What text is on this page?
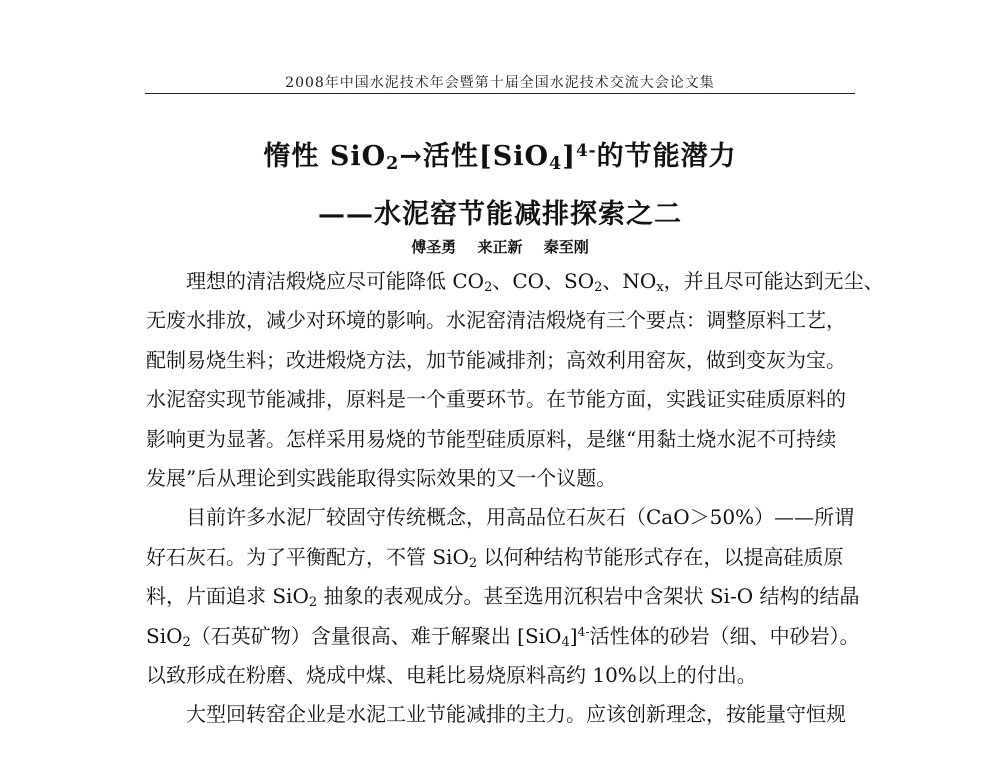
2008年中国水泥技术年会暨第十届全国水泥技术交流大会论文集
惰性 SiO$_2$→活性$[SiO_4]^{4-}$的节能潜力
——水泥窑节能减排探索之二
傅圣勇 来正新 秦至刚
理想的清洁煅烧应尽可能降低 $CO_2$、CO、$SO_2$、$NO_x$，并且尽可能达到无尘、
无废水排放，减少对环境的影响。水泥窑清洁煅烧有三个要点：调整原料工艺，
配制易烧生料；改进煅烧方法，加节能减排剂；高效利用窑灰，做到变灰为宝。
水泥窑实现节能减排，原料是一个重要环节。在节能方面，实践证实硅质原料的
影响更为显著。怎样采用易烧的节能型硅质原料，是继“用黏土烧水泥不可持续
发展”后从理论到实践能取得实际效果的又一个议题。
目前许多水泥厂较固守传统概念，用高品位石灰石（CaO＞50%）——所谓
好石灰石。为了平衡配方，不管 SiO$_2$ 以何种结构节能形式存在，以提高硅质原
料，片面追求 SiO$_2$ 抽象的表观成分。甚至选用沉积岩中含架状 Si-O 结构的结晶
SiO$_2$（石英矿物）含量很高、难于解聚出 $[SiO_4]^{4-}$活性体的砂岩（细、中砂岩）。
以致形成在粉磨、烧成中煤、电耗比易烧原料高约 10%以上的付出。
大型回转窑企业是水泥工业节能减排的主力。应该创新理念，按能量守恒规
